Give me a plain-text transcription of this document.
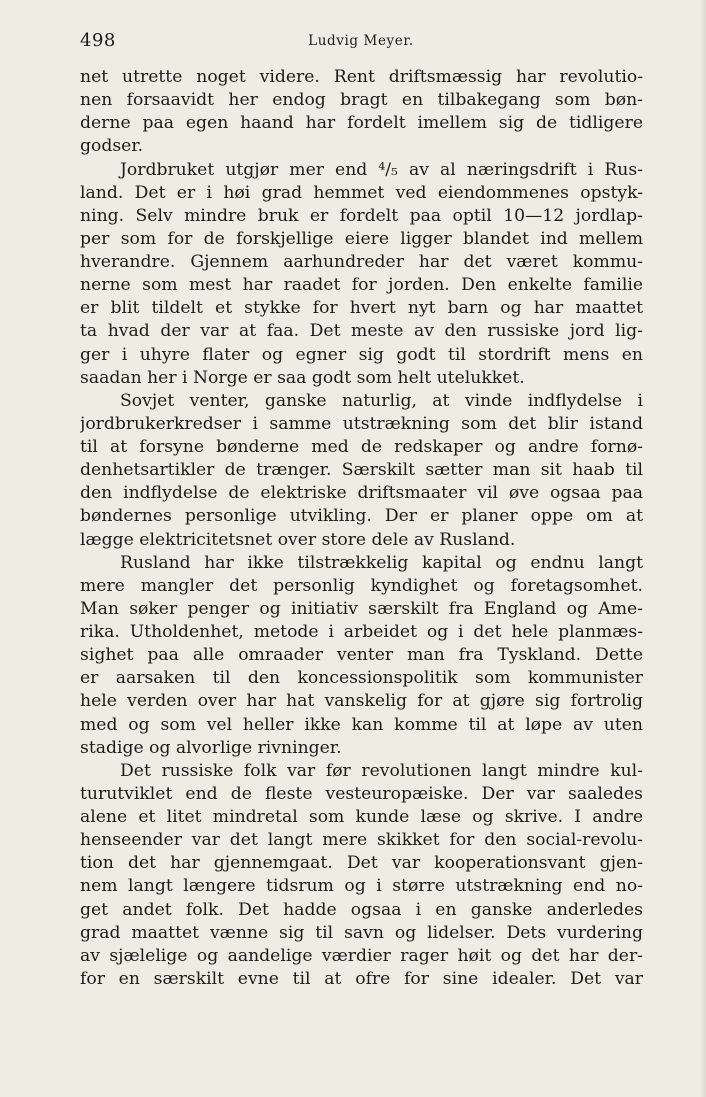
498	Ludvig Meyer.
net utrette noget videre. Rent driftsmæssig har revolutio-
nen forsaavidt her endog bragt en tilbakegang som bøn-
derne paa egen haand har fordelt imellem sig de tidligere
godser.
Jordbruket utgjør mer end ⁴/₅ av al næringsdrift i Rus-
land. Det er i høi grad hemmet ved eiendommenes opstyk-
ning. Selv mindre bruk er fordelt paa optil 10—12 jordlap-
per som for de forskjellige eiere ligger blandet ind mellem
hverandre. Gjennem aarhundreder har det været kommu-
nerne som mest har raadet for jorden. Den enkelte familie
er blit tildelt et stykke for hvert nyt barn og har maattet
ta hvad der var at faa. Det meste av den russiske jord lig-
ger i uhyre flater og egner sig godt til stordrift mens en
saadan her i Norge er saa godt som helt utelukket.
Sovjet venter, ganske naturlig, at vinde indflydelse i
jordbrukerkredser i samme utstrækning som det blir istand
til at forsyne bønderne med de redskaper og andre fornø-
denhetsartikler de trænger. Særskilt sætter man sit haab til
den indflydelse de elektriske driftsmaater vil øve ogsaa paa
bøndernes personlige utvikling. Der er planer oppe om at
lægge elektricitetsnet over store dele av Rusland.
Rusland har ikke tilstrækkelig kapital og endnu langt
mere mangler det personlig kyndighet og foretagsomhet.
Man søker penger og initiativ særskilt fra England og Ame-
rika. Utholdenhet, metode i arbeidet og i det hele planmæs-
sighet paa alle omraader venter man fra Tyskland. Dette
er aarsaken til den koncessionspolitik som kommunister
hele verden over har hat vanskelig for at gjøre sig fortrolig
med og som vel heller ikke kan komme til at løpe av uten
stadige og alvorlige rivninger.
Det russiske folk var før revolutionen langt mindre kul-
turutviklet end de fleste vesteuropæiske. Der var saaledes
alene et litet mindretal som kunde læse og skrive. I andre
henseender var det langt mere skikket for den social-revolu-
tion det har gjennemgaat. Det var kooperationsvant gjen-
nem langt længere tidsrum og i større utstrækning end no-
get andet folk. Det hadde ogsaa i en ganske anderledes
grad maattet vænne sig til savn og lidelser. Dets vurdering
av sjælelige og aandelige værdier rager høit og det har der-
for en særskilt evne til at ofre for sine idealer. Det var
